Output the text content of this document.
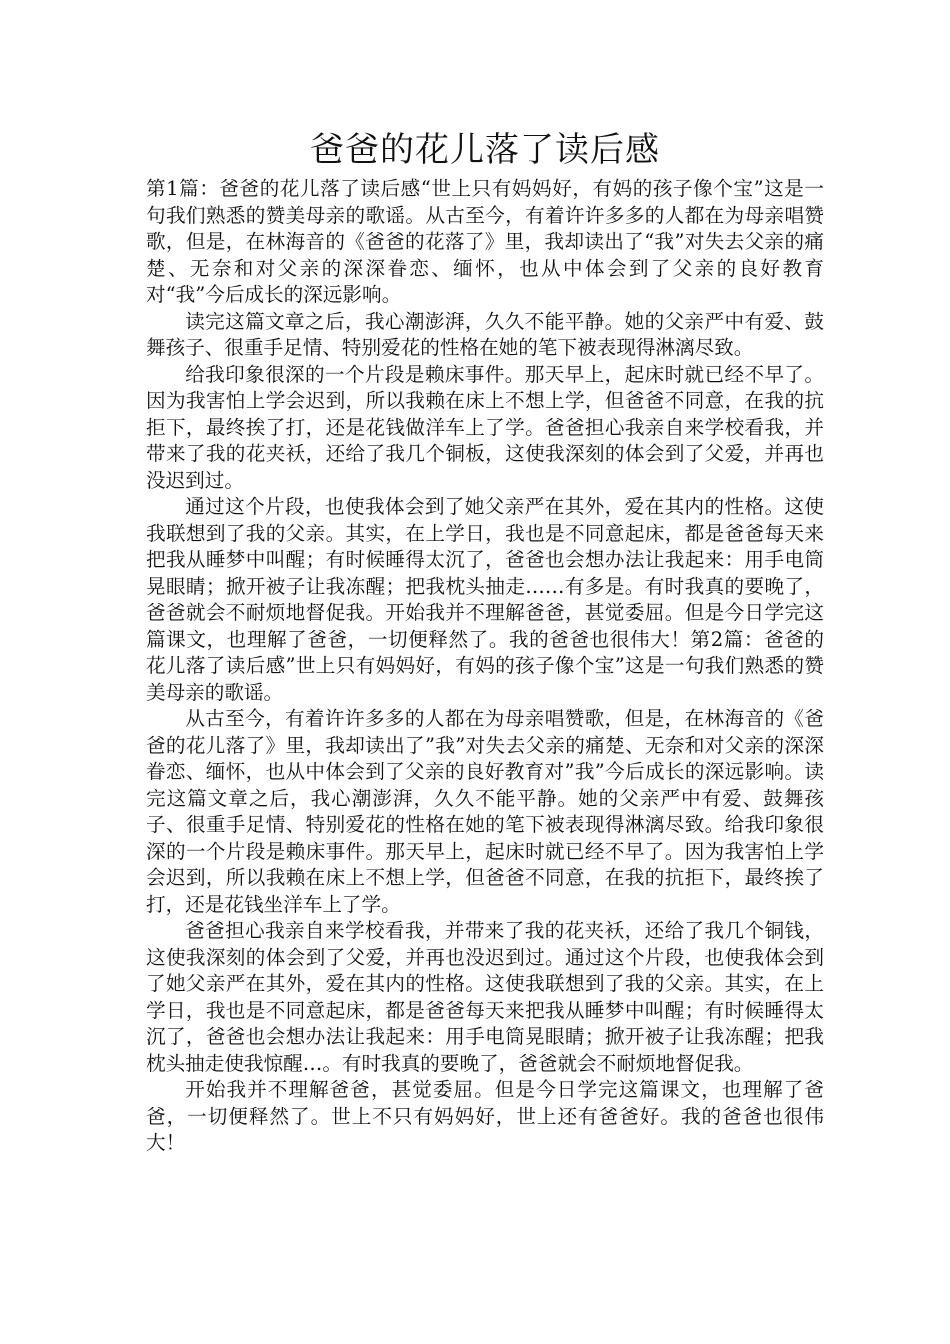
爸爸的花儿落了读后感

第1篇：爸爸的花儿落了读后感“世上只有妈妈好，有妈的孩子像个宝”这是一句我们熟悉的赞美母亲的歌谣。从古至今，有着许许多多的人都在为母亲唱赞歌，但是，在林海音的《爸爸的花落了》里，我却读出了“我”对失去父亲的痛楚、无奈和对父亲的深深眷恋、缅怀，也从中体会到了父亲的良好教育对“我”今后成长的深远影响。

读完这篇文章之后，我心潮澎湃，久久不能平静。她的父亲严中有爱、鼓舞孩子、很重手足情、特别爱花的性格在她的笔下被表现得淋漓尽致。

给我印象很深的一个片段是赖床事件。那天早上，起床时就已经不早了。因为我害怕上学会迟到，所以我赖在床上不想上学，但爸爸不同意，在我的抗拒下，最终挨了打，还是花钱做洋车上了学。爸爸担心我亲自来学校看我，并带来了我的花夹袄，还给了我几个铜板，这使我深刻的体会到了父爱，并再也没迟到过。

通过这个片段，也使我体会到了她父亲严在其外，爱在其内的性格。这使我联想到了我的父亲。其实，在上学日，我也是不同意起床，都是爸爸每天来把我从睡梦中叫醒；有时候睡得太沉了，爸爸也会想办法让我起来：用手电筒晃眼睛；掀开被子让我冻醒；把我枕头抽走……有多是。有时我真的要晚了，爸爸就会不耐烦地督促我。开始我并不理解爸爸，甚觉委屈。但是今日学完这篇课文，也理解了爸爸，一切便释然了。我的爸爸也很伟大！第2篇：爸爸的花儿落了读后感”世上只有妈妈好，有妈的孩子像个宝”这是一句我们熟悉的赞美母亲的歌谣。

从古至今，有着许许多多的人都在为母亲唱赞歌，但是，在林海音的《爸爸的花儿落了》里，我却读出了”我”对失去父亲的痛楚、无奈和对父亲的深深眷恋、缅怀，也从中体会到了父亲的良好教育对”我”今后成长的深远影响。读完这篇文章之后，我心潮澎湃，久久不能平静。她的父亲严中有爱、鼓舞孩子、很重手足情、特别爱花的性格在她的笔下被表现得淋漓尽致。给我印象很深的一个片段是赖床事件。那天早上，起床时就已经不早了。因为我害怕上学会迟到，所以我赖在床上不想上学，但爸爸不同意，在我的抗拒下，最终挨了打，还是花钱坐洋车上了学。

爸爸担心我亲自来学校看我，并带来了我的花夹袄，还给了我几个铜钱，这使我深刻的体会到了父爱，并再也没迟到过。通过这个片段，也使我体会到了她父亲严在其外，爱在其内的性格。这使我联想到了我的父亲。其实，在上学日，我也是不同意起床，都是爸爸每天来把我从睡梦中叫醒；有时候睡得太沉了，爸爸也会想办法让我起来：用手电筒晃眼睛；掀开被子让我冻醒；把我枕头抽走使我惊醒…。有时我真的要晚了，爸爸就会不耐烦地督促我。

开始我并不理解爸爸，甚觉委屈。但是今日学完这篇课文，也理解了爸爸，一切便释然了。世上不只有妈妈好，世上还有爸爸好。我的爸爸也很伟大！
